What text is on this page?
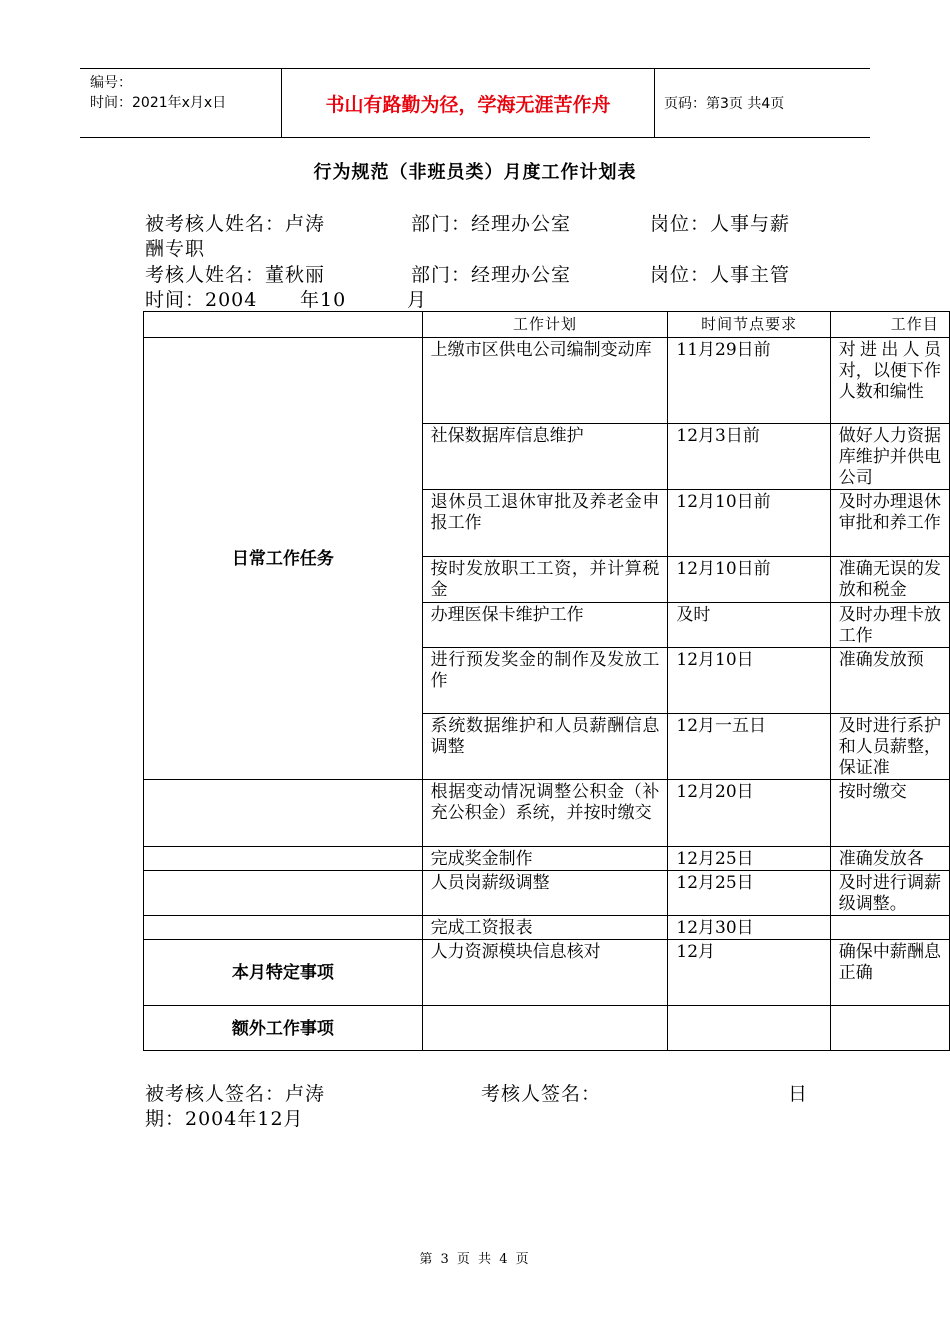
编号：
时间：2021年x月x日	书山有路勤为径，学海无涯苦作舟	页码：第3页 共4页
行为规范（非班员类）月度工作计划表
被考核人姓名：卢涛	部门：经理办公室	岗位：人事与薪
酬专职
考核人姓名：董秋丽	部门：经理办公室	岗位：人事主管
时间：2004 年10	月
	工作计划	时间节点要求	工作目
日常工作任务	上缴市区供电公司编制变动库	11月29日前	对进出人员对，以便下作人数和编性
	社保数据库信息维护	12月3日前	做好人力资据库维护并供电公司
	退休员工退休审批及养老金申报工作	12月10日前	及时办理退休审批和养工作
	按时发放职工工资，并计算税金	12月10日前	准确无误的发放和税金
	办理医保卡维护工作	及时	及时办理卡放工作
	进行预发奖金的制作及发放工作	12月10日	准确发放预
	系统数据维护和人员薪酬信息调整	12月一五日	及时进行系护和人员薪整，保证准
	根据变动情况调整公积金（补充公积金）系统，并按时缴交	12月20日	按时缴交
	完成奖金制作	12月25日	准确发放各
	人员岗薪级调整	12月25日	及时进行调薪级调整。
	完成工资报表	12月30日	
本月特定事项	人力资源模块信息核对	12月	确保中薪酬息正确
额外工作事项			
被考核人签名：卢涛	考核人签名：	日
期：2004年12月
第 3 页 共 4 页
